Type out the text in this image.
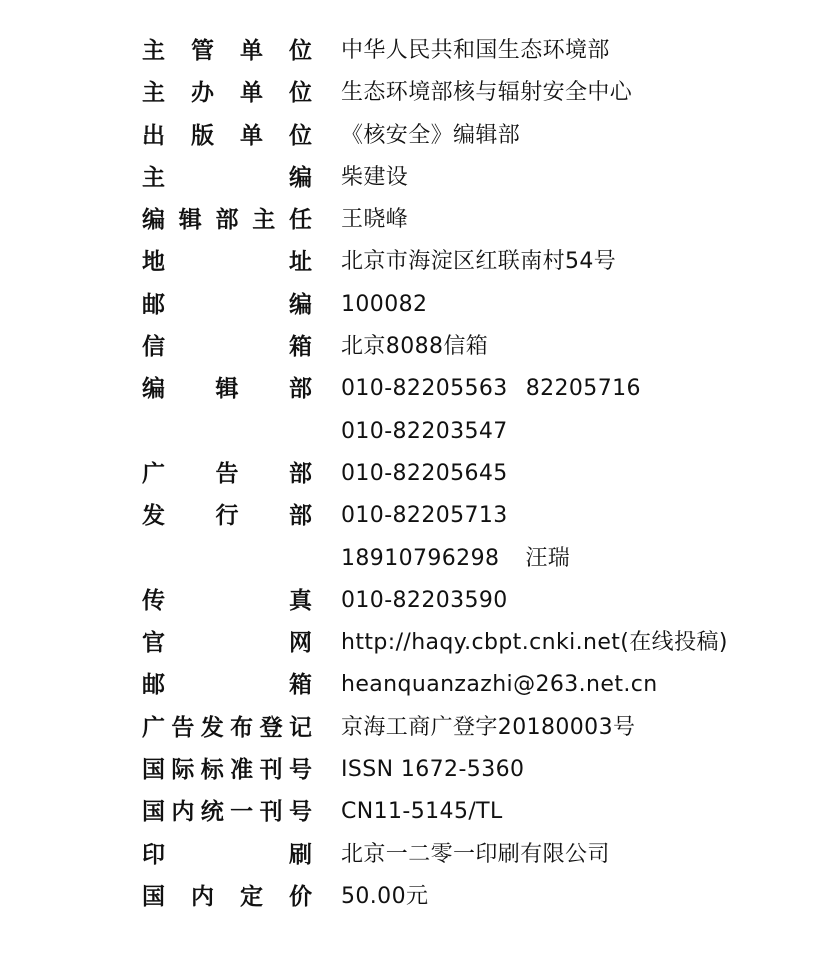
主 管 单 位 中华人民共和国生态环境部
主 办 单 位 生态环境部核与辐射安全中心
出 版 单 位 《核安全》编辑部
主	编 柴建设
编 辑 部 主 任 王晓峰
地	址 北京市海淀区红联南村54号
邮	编 100082
信	箱 北京8088信箱
编 辑 部 010-82205563 82205716
010-82203547
广 告 部 010-82205645
发 行 部 010-82205713
18910796298 汪瑞
传	真 010-82203590
官	网 http://haqy.cbpt.cnki.net(在线投稿)
邮	箱 heanquanzazhi@263.net.cn
广 告 发 布 登 记 京海工商广登字20180003号
国 际 标 准 刊 号 ISSN 1672-5360
国 内 统 一 刊 号 CN11-5145/TL
印	刷 北京一二零一印刷有限公司
国 内 定 价 50.00元
